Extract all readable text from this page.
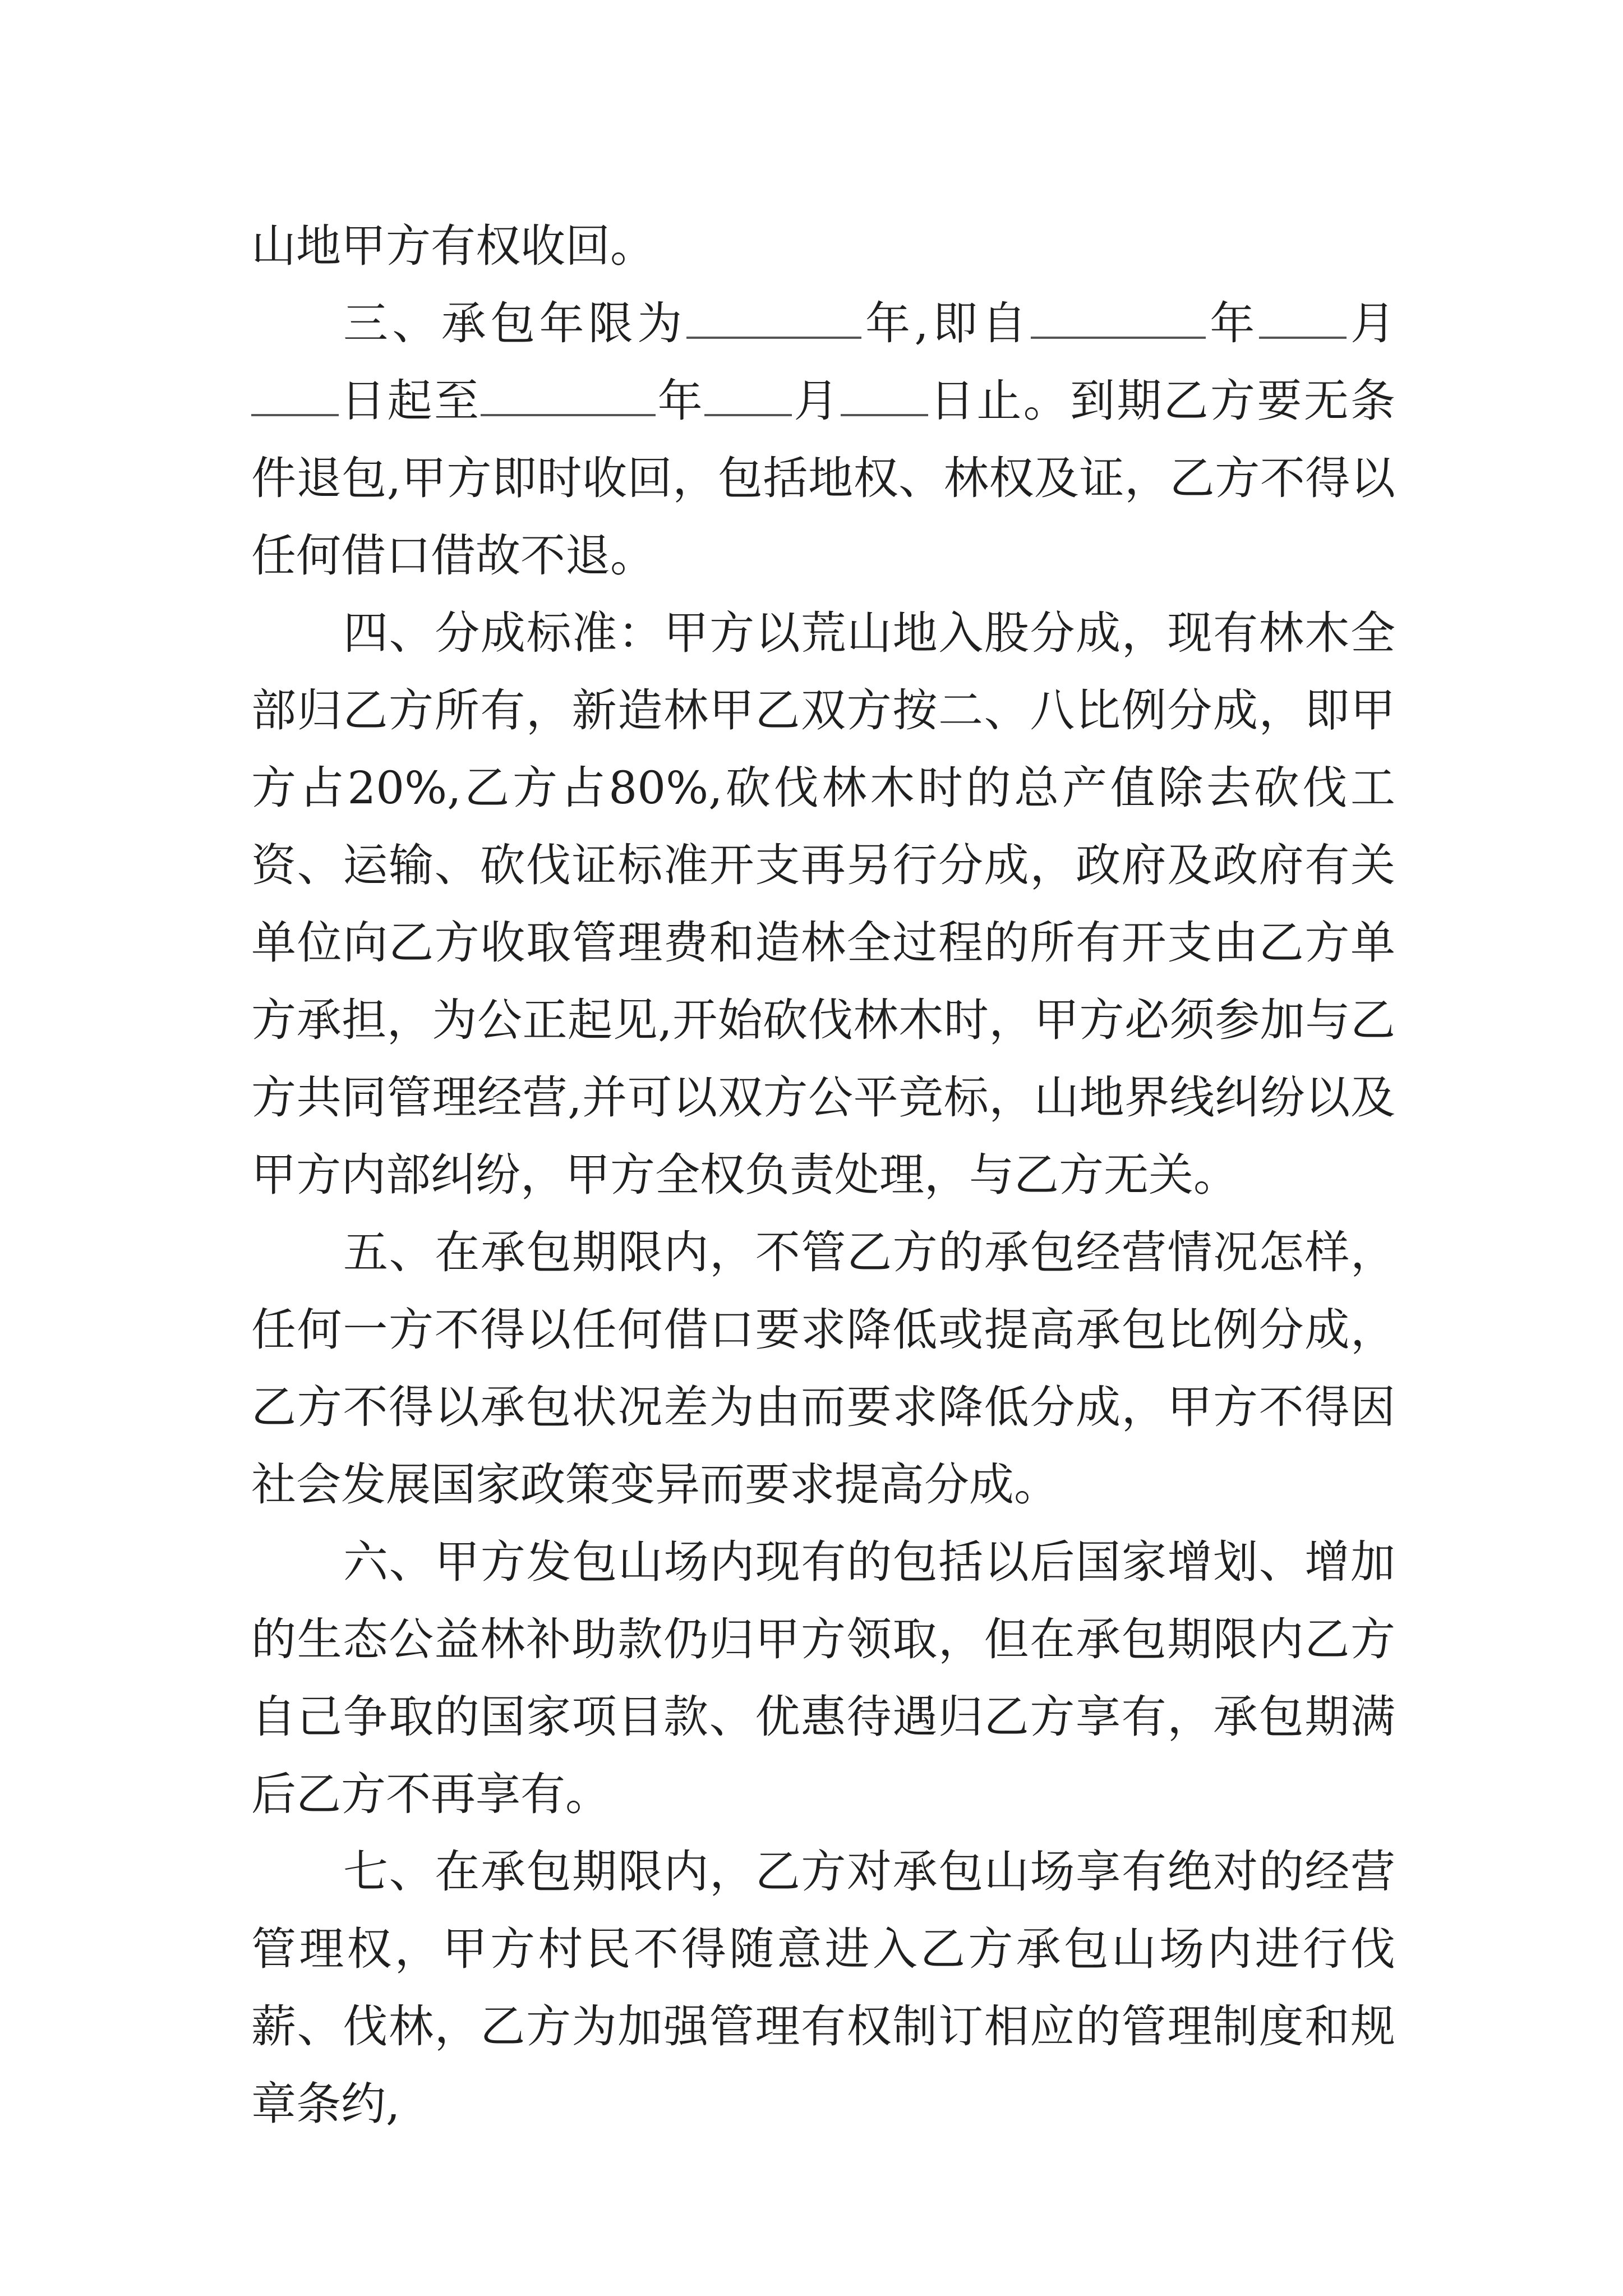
山地甲方有权收回。

三、承包年限为	年,即自	年 月日起至	年 月 日止。到期乙方要无条件退包,甲方即时收回，包括地权、林权及证，乙方不得以任何借口借故不退。

四、分成标准：甲方以荒山地入股分成，现有林木全部归乙方所有，新造林甲乙双方按二、八比例分成，即甲方占20%,乙方占80%,砍伐林木时的总产值除去砍伐工资、运输、砍伐证标准开支再另行分成，政府及政府有关单位向乙方收取管理费和造林全过程的所有开支由乙方单方承担，为公正起见,开始砍伐林木时，甲方必须参加与乙方共同管理经营,并可以双方公平竞标，山地界线纠纷以及甲方内部纠纷，甲方全权负责处理，与乙方无关。

五、在承包期限内，不管乙方的承包经营情况怎样，任何一方不得以任何借口要求降低或提高承包比例分成，乙方不得以承包状况差为由而要求降低分成，甲方不得因社会发展国家政策变异而要求提高分成。

六、甲方发包山场内现有的包括以后国家增划、增加的生态公益林补助款仍归甲方领取，但在承包期限内乙方自己争取的国家项目款、优惠待遇归乙方享有，承包期满后乙方不再享有。

七、在承包期限内，乙方对承包山场享有绝对的经营管理权，甲方村民不得随意进入乙方承包山场内进行伐薪、伐林，乙方为加强管理有权制订相应的管理制度和规章条约,
